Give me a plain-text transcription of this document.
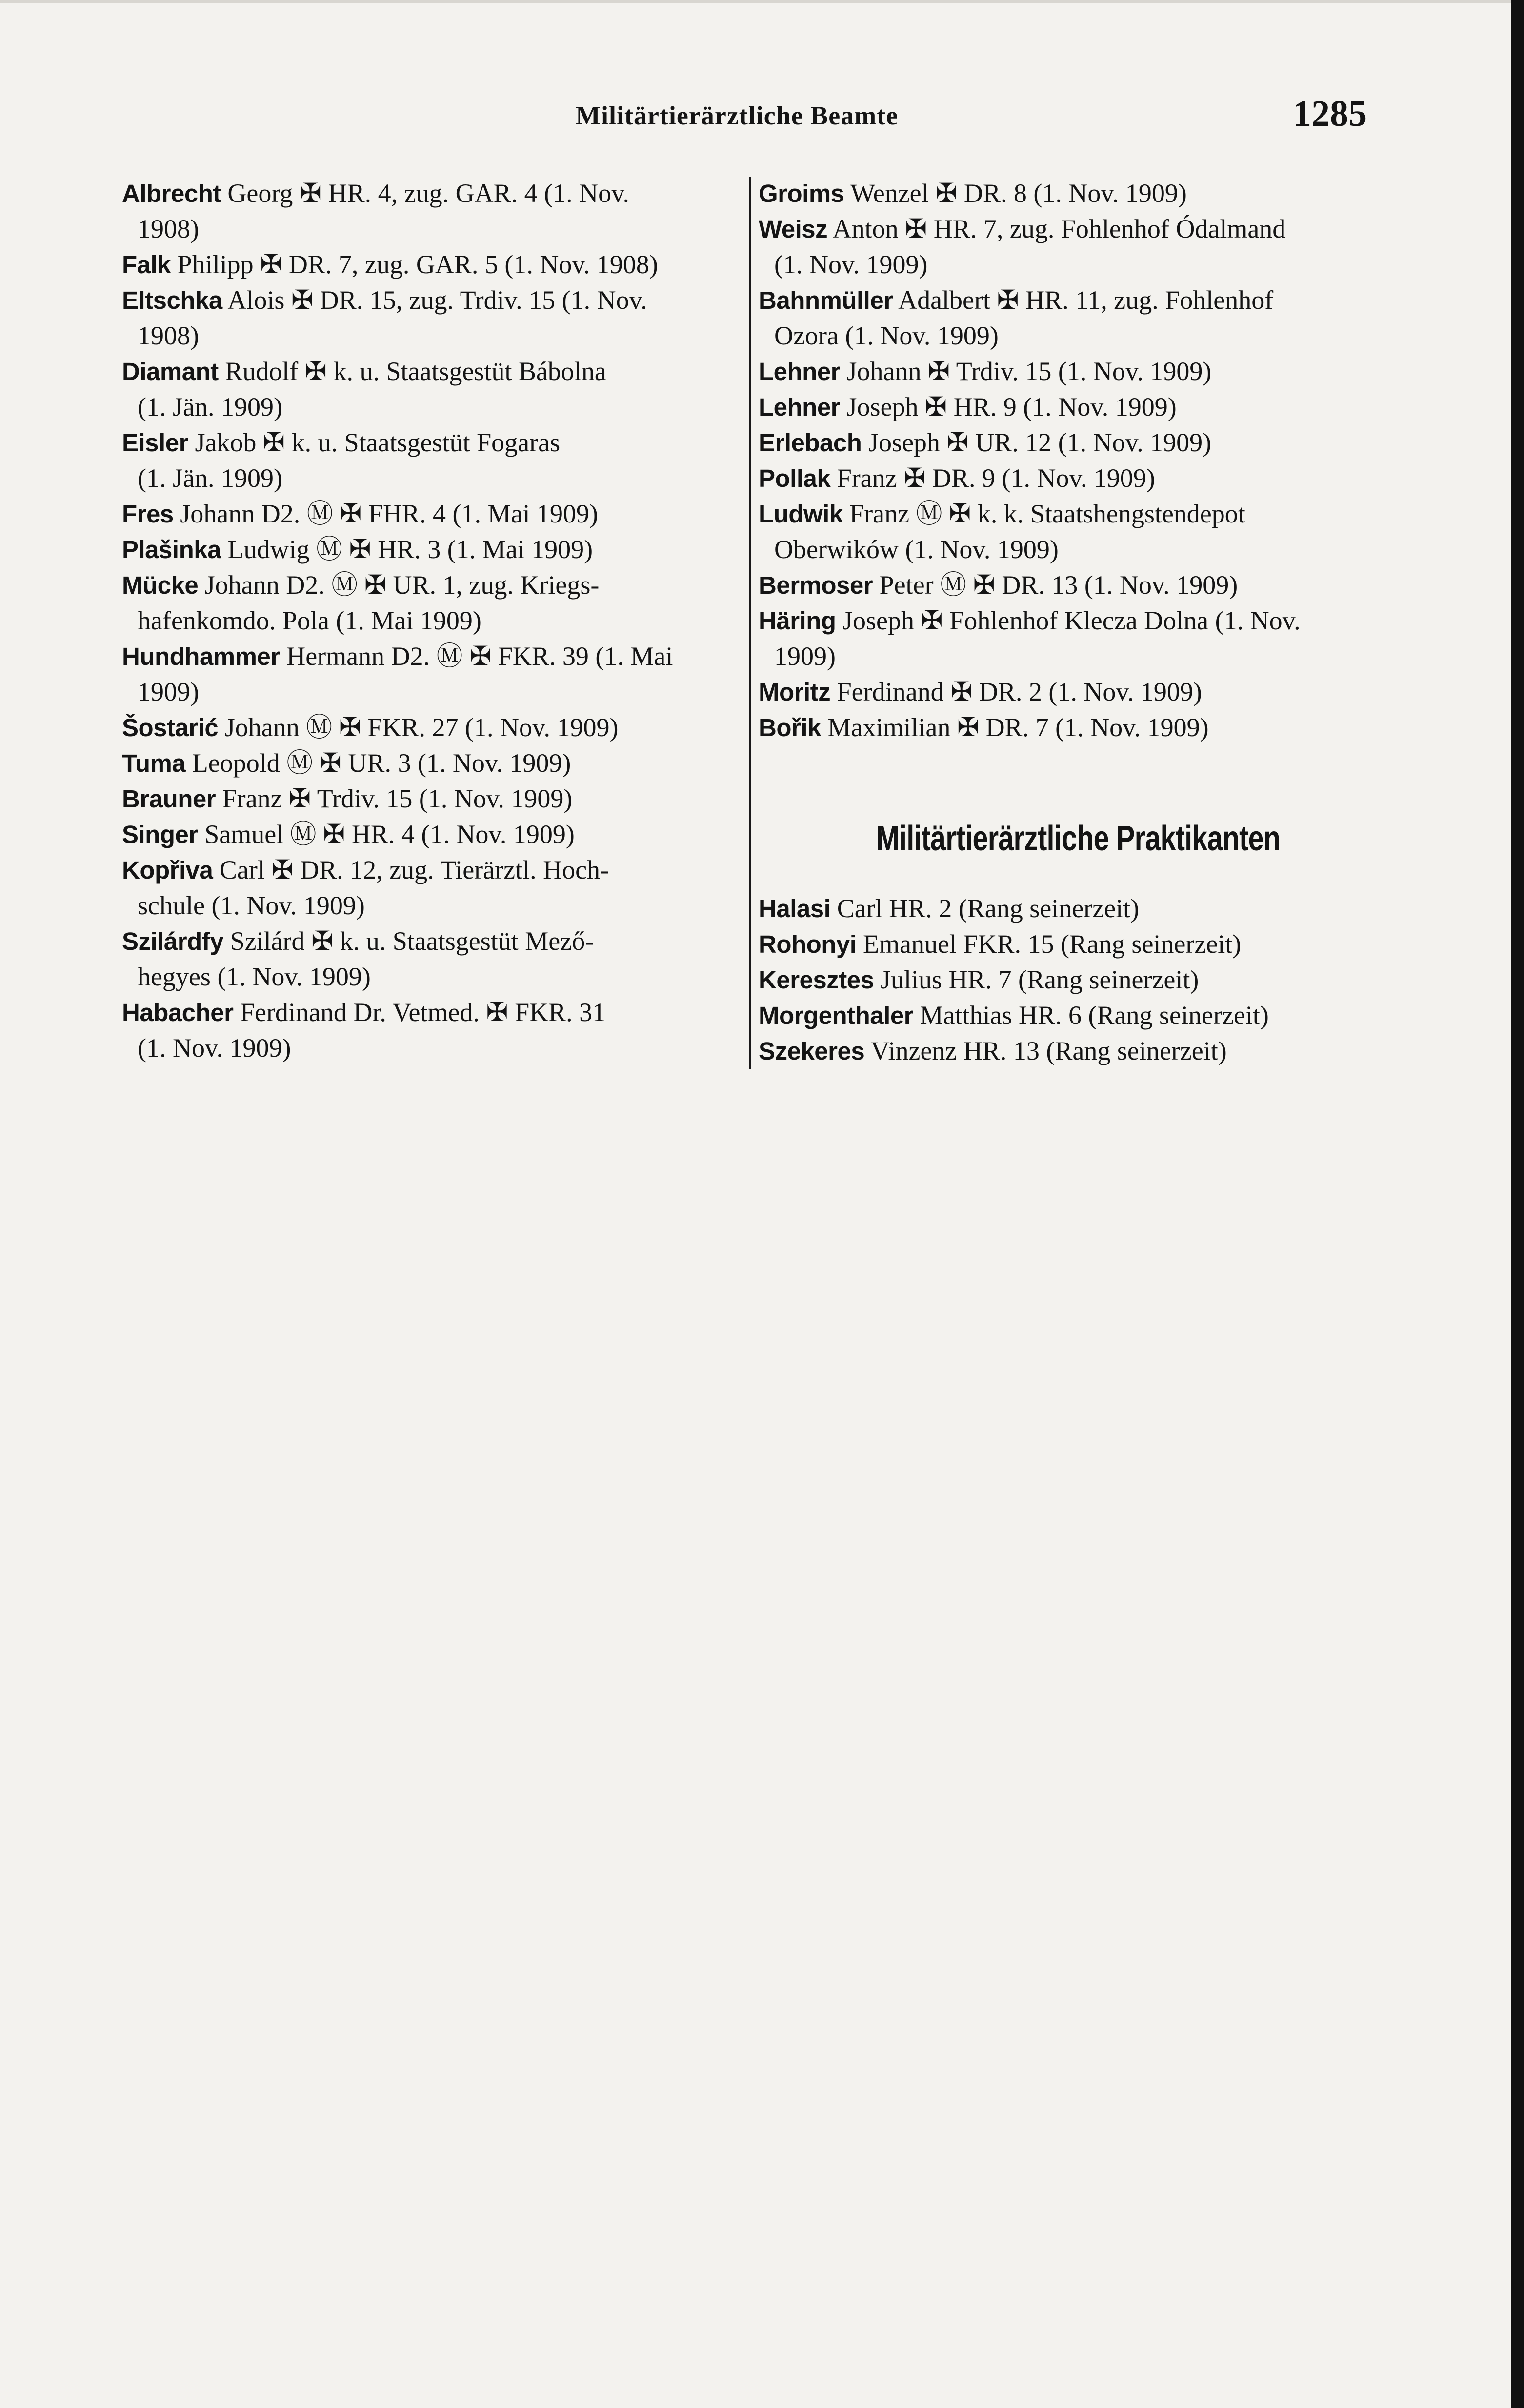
Militärtierärztliche Beamte	1285
Albrecht Georg ✠ HR. 4, zug. GAR. 4 (1. Nov.
1908)
Falk Philipp ✠ DR. 7, zug. GAR. 5 (1. Nov. 1908)
Eltschka Alois ✠ DR. 15, zug. Trdiv. 15 (1. Nov.
1908)
Diamant Rudolf ✠ k. u. Staatsgestüt Bábolna
(1. Jän. 1909)
Eisler Jakob ✠ k. u. Staatsgestüt Fogaras
(1. Jän. 1909)
Fres Johann D2. Ⓜ ✠ FHR. 4 (1. Mai 1909)
Plašinka Ludwig Ⓜ ✠ HR. 3 (1. Mai 1909)
Mücke Johann D2. Ⓜ ✠ UR. 1, zug. Kriegs-
hafenkomdo. Pola (1. Mai 1909)
Hundhammer Hermann D2. Ⓜ ✠ FKR. 39 (1. Mai
1909)
Šostarić Johann Ⓜ ✠ FKR. 27 (1. Nov. 1909)
Tuma Leopold Ⓜ ✠ UR. 3 (1. Nov. 1909)
Brauner Franz ✠ Trdiv. 15 (1. Nov. 1909)
Singer Samuel Ⓜ ✠ HR. 4 (1. Nov. 1909)
Kopřiva Carl ✠ DR. 12, zug. Tierärztl. Hoch-
schule (1. Nov. 1909)
Szilárdfy Szilárd ✠ k. u. Staatsgestüt Mező-
hegyes (1. Nov. 1909)
Habacher Ferdinand Dr. Vetmed. ✠ FKR. 31
(1. Nov. 1909)
Groims Wenzel ✠ DR. 8 (1. Nov. 1909)
Weisz Anton ✠ HR. 7, zug. Fohlenhof Ódalmand
(1. Nov. 1909)
Bahnmüller Adalbert ✠ HR. 11, zug. Fohlenhof
Ozora (1. Nov. 1909)
Lehner Johann ✠ Trdiv. 15 (1. Nov. 1909)
Lehner Joseph ✠ HR. 9 (1. Nov. 1909)
Erlebach Joseph ✠ UR. 12 (1. Nov. 1909)
Pollak Franz ✠ DR. 9 (1. Nov. 1909)
Ludwik Franz Ⓜ ✠ k. k. Staatshengstendepot
Oberwików (1. Nov. 1909)
Bermoser Peter Ⓜ ✠ DR. 13 (1. Nov. 1909)
Häring Joseph ✠ Fohlenhof Klecza Dolna (1. Nov.
1909)
Moritz Ferdinand ✠ DR. 2 (1. Nov. 1909)
Bořik Maximilian ✠ DR. 7 (1. Nov. 1909)
Militärtierärztliche Praktikanten
Halasi Carl HR. 2 (Rang seinerzeit)
Rohonyi Emanuel FKR. 15 (Rang seinerzeit)
Keresztes Julius HR. 7 (Rang seinerzeit)
Morgenthaler Matthias HR. 6 (Rang seinerzeit)
Szekeres Vinzenz HR. 13 (Rang seinerzeit)
